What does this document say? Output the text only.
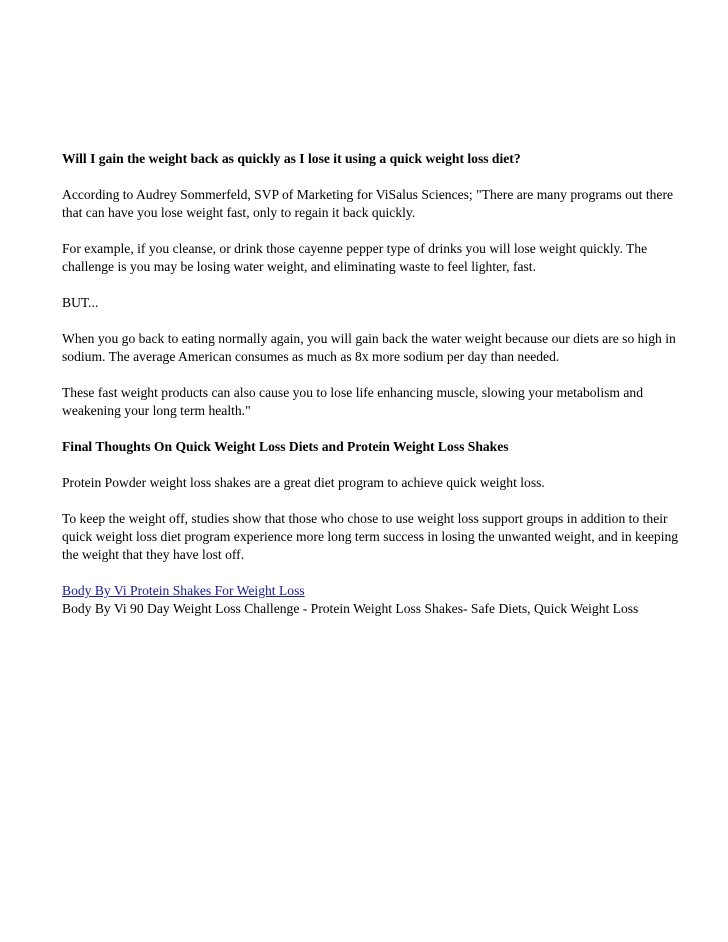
Will I gain the weight back as quickly as I lose it using a quick weight loss diet?

According to Audrey Sommerfeld, SVP of Marketing for ViSalus Sciences; "There are many programs out there that can have you lose weight fast, only to regain it back quickly.

For example, if you cleanse, or drink those cayenne pepper type of drinks you will lose weight quickly. The challenge is you may be losing water weight, and eliminating waste to feel lighter, fast.

BUT...

When you go back to eating normally again, you will gain back the water weight because our diets are so high in sodium. The average American consumes as much as 8x more sodium per day than needed.

These fast weight products can also cause you to lose life enhancing muscle, slowing your metabolism and weakening your long term health."

Final Thoughts On Quick Weight Loss Diets and Protein Weight Loss Shakes

Protein Powder weight loss shakes are a great diet program to achieve quick weight loss.

To keep the weight off, studies show that those who chose to use weight loss support groups in addition to their quick weight loss diet program experience more long term success in losing the unwanted weight, and in keeping the weight that they have lost off.

Body By Vi Protein Shakes For Weight Loss

Body By Vi 90 Day Weight Loss Challenge - Protein Weight Loss Shakes- Safe Diets, Quick Weight Loss
